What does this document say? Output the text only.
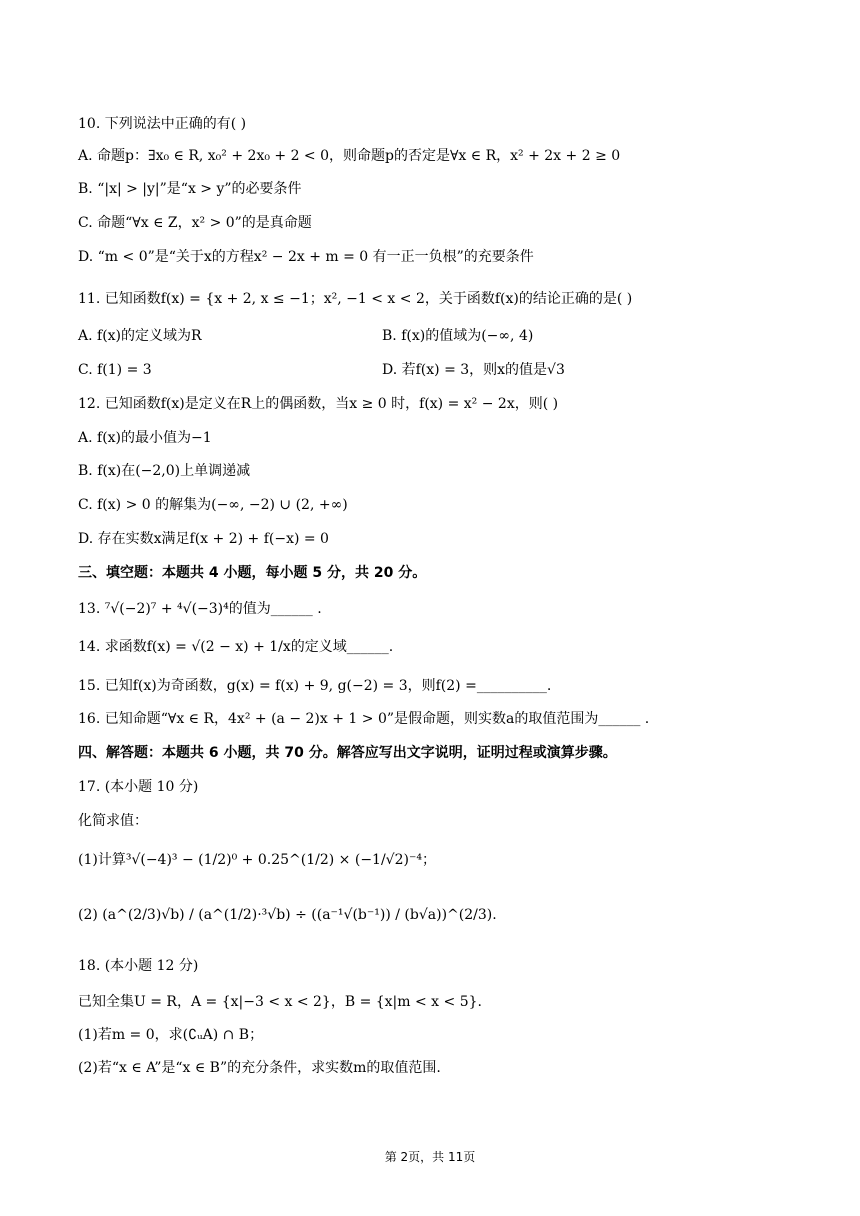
10. 下列说法中正确的有( )
A. 命题p：∃x₀ ∈ R, x₀² + 2x₀ + 2 < 0，则命题p的否定是∀x ∈ R，x² + 2x + 2 ≥ 0
B. “|x| > |y|”是“x > y”的必要条件
C. 命题“∀x ∈ Z，x² > 0”的是真命题
D. “m < 0”是“关于x的方程x² − 2x + m = 0 有一正一负根”的充要条件
11. 已知函数f(x) = {x + 2, x ≤ −1；x², −1 < x < 2，关于函数f(x)的结论正确的是( )
A. f(x)的定义域为R	B. f(x)的值域为(−∞, 4)
C. f(1) = 3	D. 若f(x) = 3，则x的值是√3
12. 已知函数f(x)是定义在R上的偶函数，当x ≥ 0 时，f(x) = x² − 2x，则( )
A. f(x)的最小值为−1
B. f(x)在(−2,0)上单调递减
C. f(x) > 0 的解集为(−∞, −2) ∪ (2, +∞)
D. 存在实数x满足f(x + 2) + f(−x) = 0
三、填空题：本题共 4 小题，每小题 5 分，共 20 分。
13. ⁷√(−2)⁷ + ⁴√(−3)⁴的值为______ .
14. 求函数f(x) = √(2 − x) + 1/x的定义域______.
15. 已知f(x)为奇函数，g(x) = f(x) + 9, g(−2) = 3，则f(2) =__________.
16. 已知命题“∀x ∈ R，4x² + (a − 2)x + 1 > 0”是假命题，则实数a的取值范围为______ .
四、解答题：本题共 6 小题，共 70 分。解答应写出文字说明，证明过程或演算步骤。
17. (本小题 10 分)
化简求值：
(1)计算³√(−4)³ − (1/2)⁰ + 0.25^(1/2) × (−1/√2)⁻⁴；
(2) (a^(2/3)√b) / (a^(1/2)·³√b) ÷ ((a⁻¹√(b⁻¹)) / (b√a))^(2/3).
18. (本小题 12 分)
已知全集U = R，A = {x|−3 < x < 2}，B = {x|m < x < 5}.
(1)若m = 0，求(∁ᵤA) ∩ B；
(2)若“x ∈ A”是“x ∈ B”的充分条件，求实数m的取值范围.
第 2页，共 11页
